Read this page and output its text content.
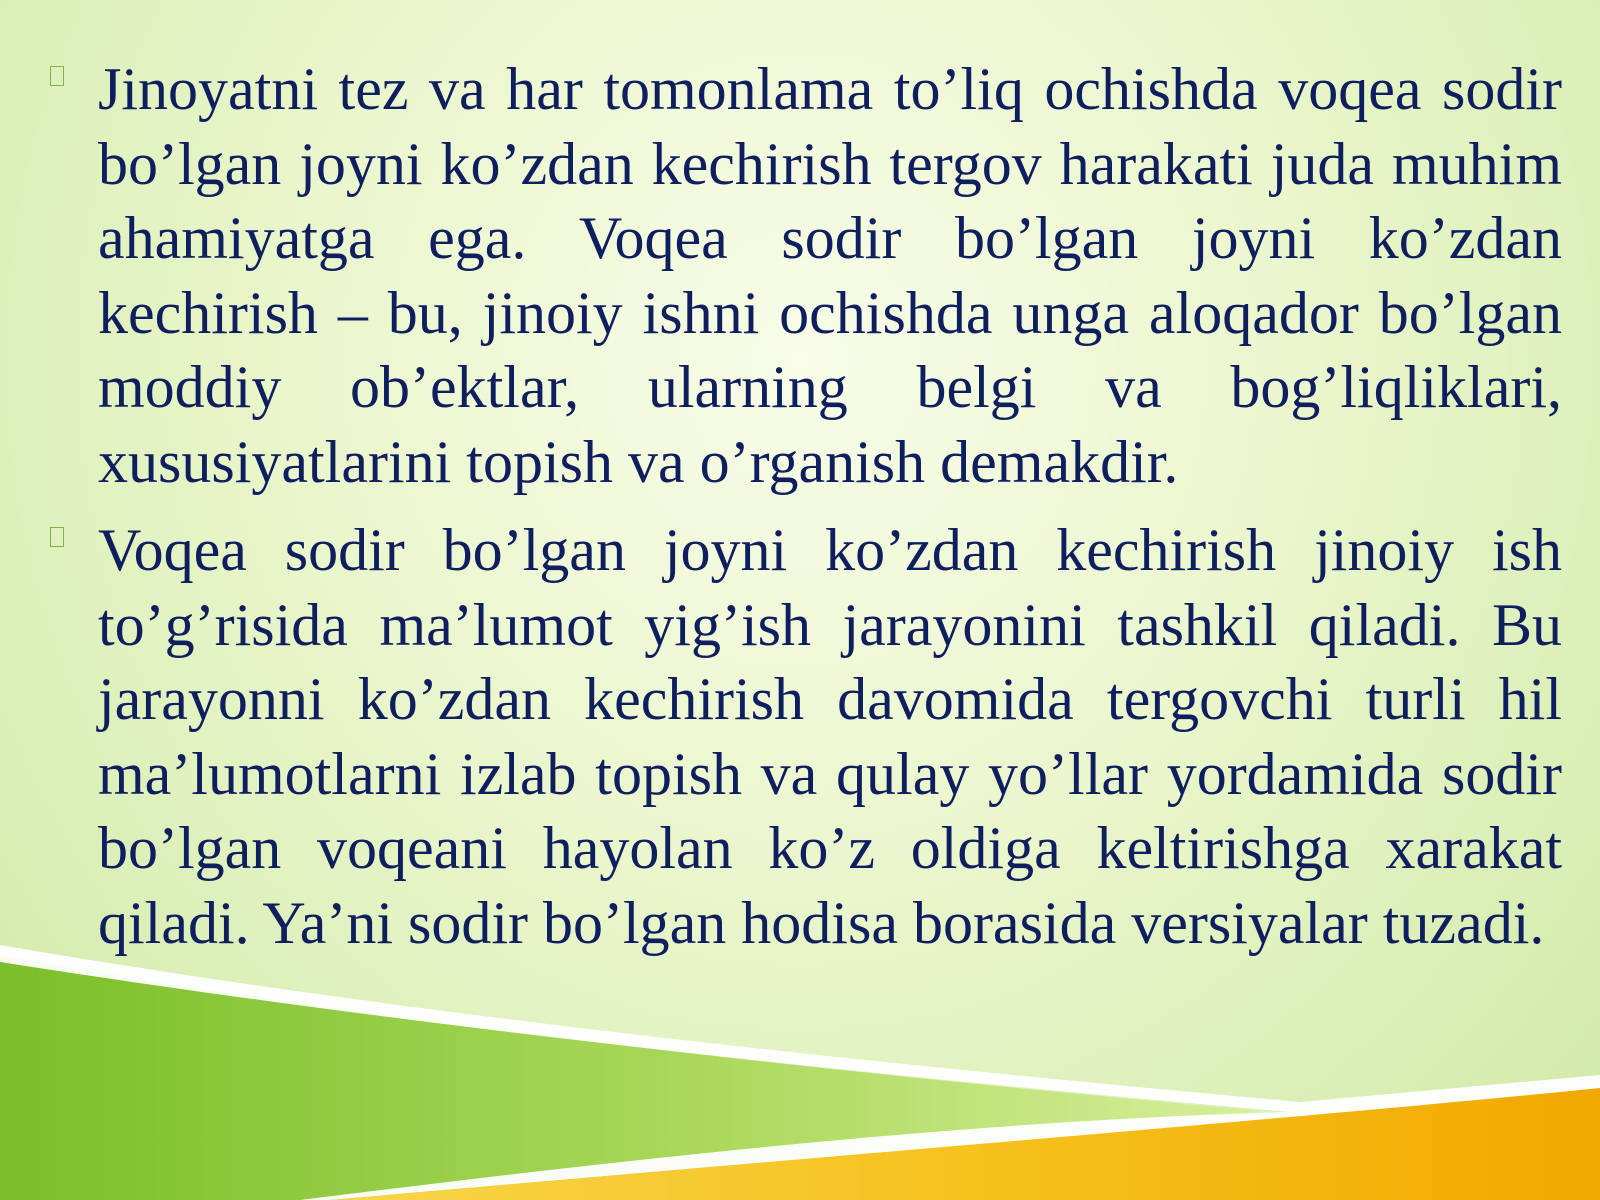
Jinoyatni tez va har tomonlama to’liq ochishda voqea sodir bo’lgan joyni ko’zdan kechirish tergov harakati juda muhim ahamiyatga ega. Voqea sodir bo’lgan joyni ko’zdan kechirish – bu, jinoiy ishni ochishda unga aloqador bo’lgan moddiy ob’ektlar, ularning belgi va bog’liqliklari, xususiyatlarini topish va o’rganish demakdir.

Voqea sodir bo’lgan joyni ko’zdan kechirish jinoiy ish to’g’risida ma’lumot yig’ish jarayonini tashkil qiladi. Bu jarayonni ko’zdan kechirish davomida tergovchi turli hil ma’lumotlarni izlab topish va qulay yo’llar yordamida sodir bo’lgan voqeani hayolan ko’z oldiga keltirishga xarakat qiladi. Ya’ni sodir bo’lgan hodisa borasida versiyalar tuzadi.
